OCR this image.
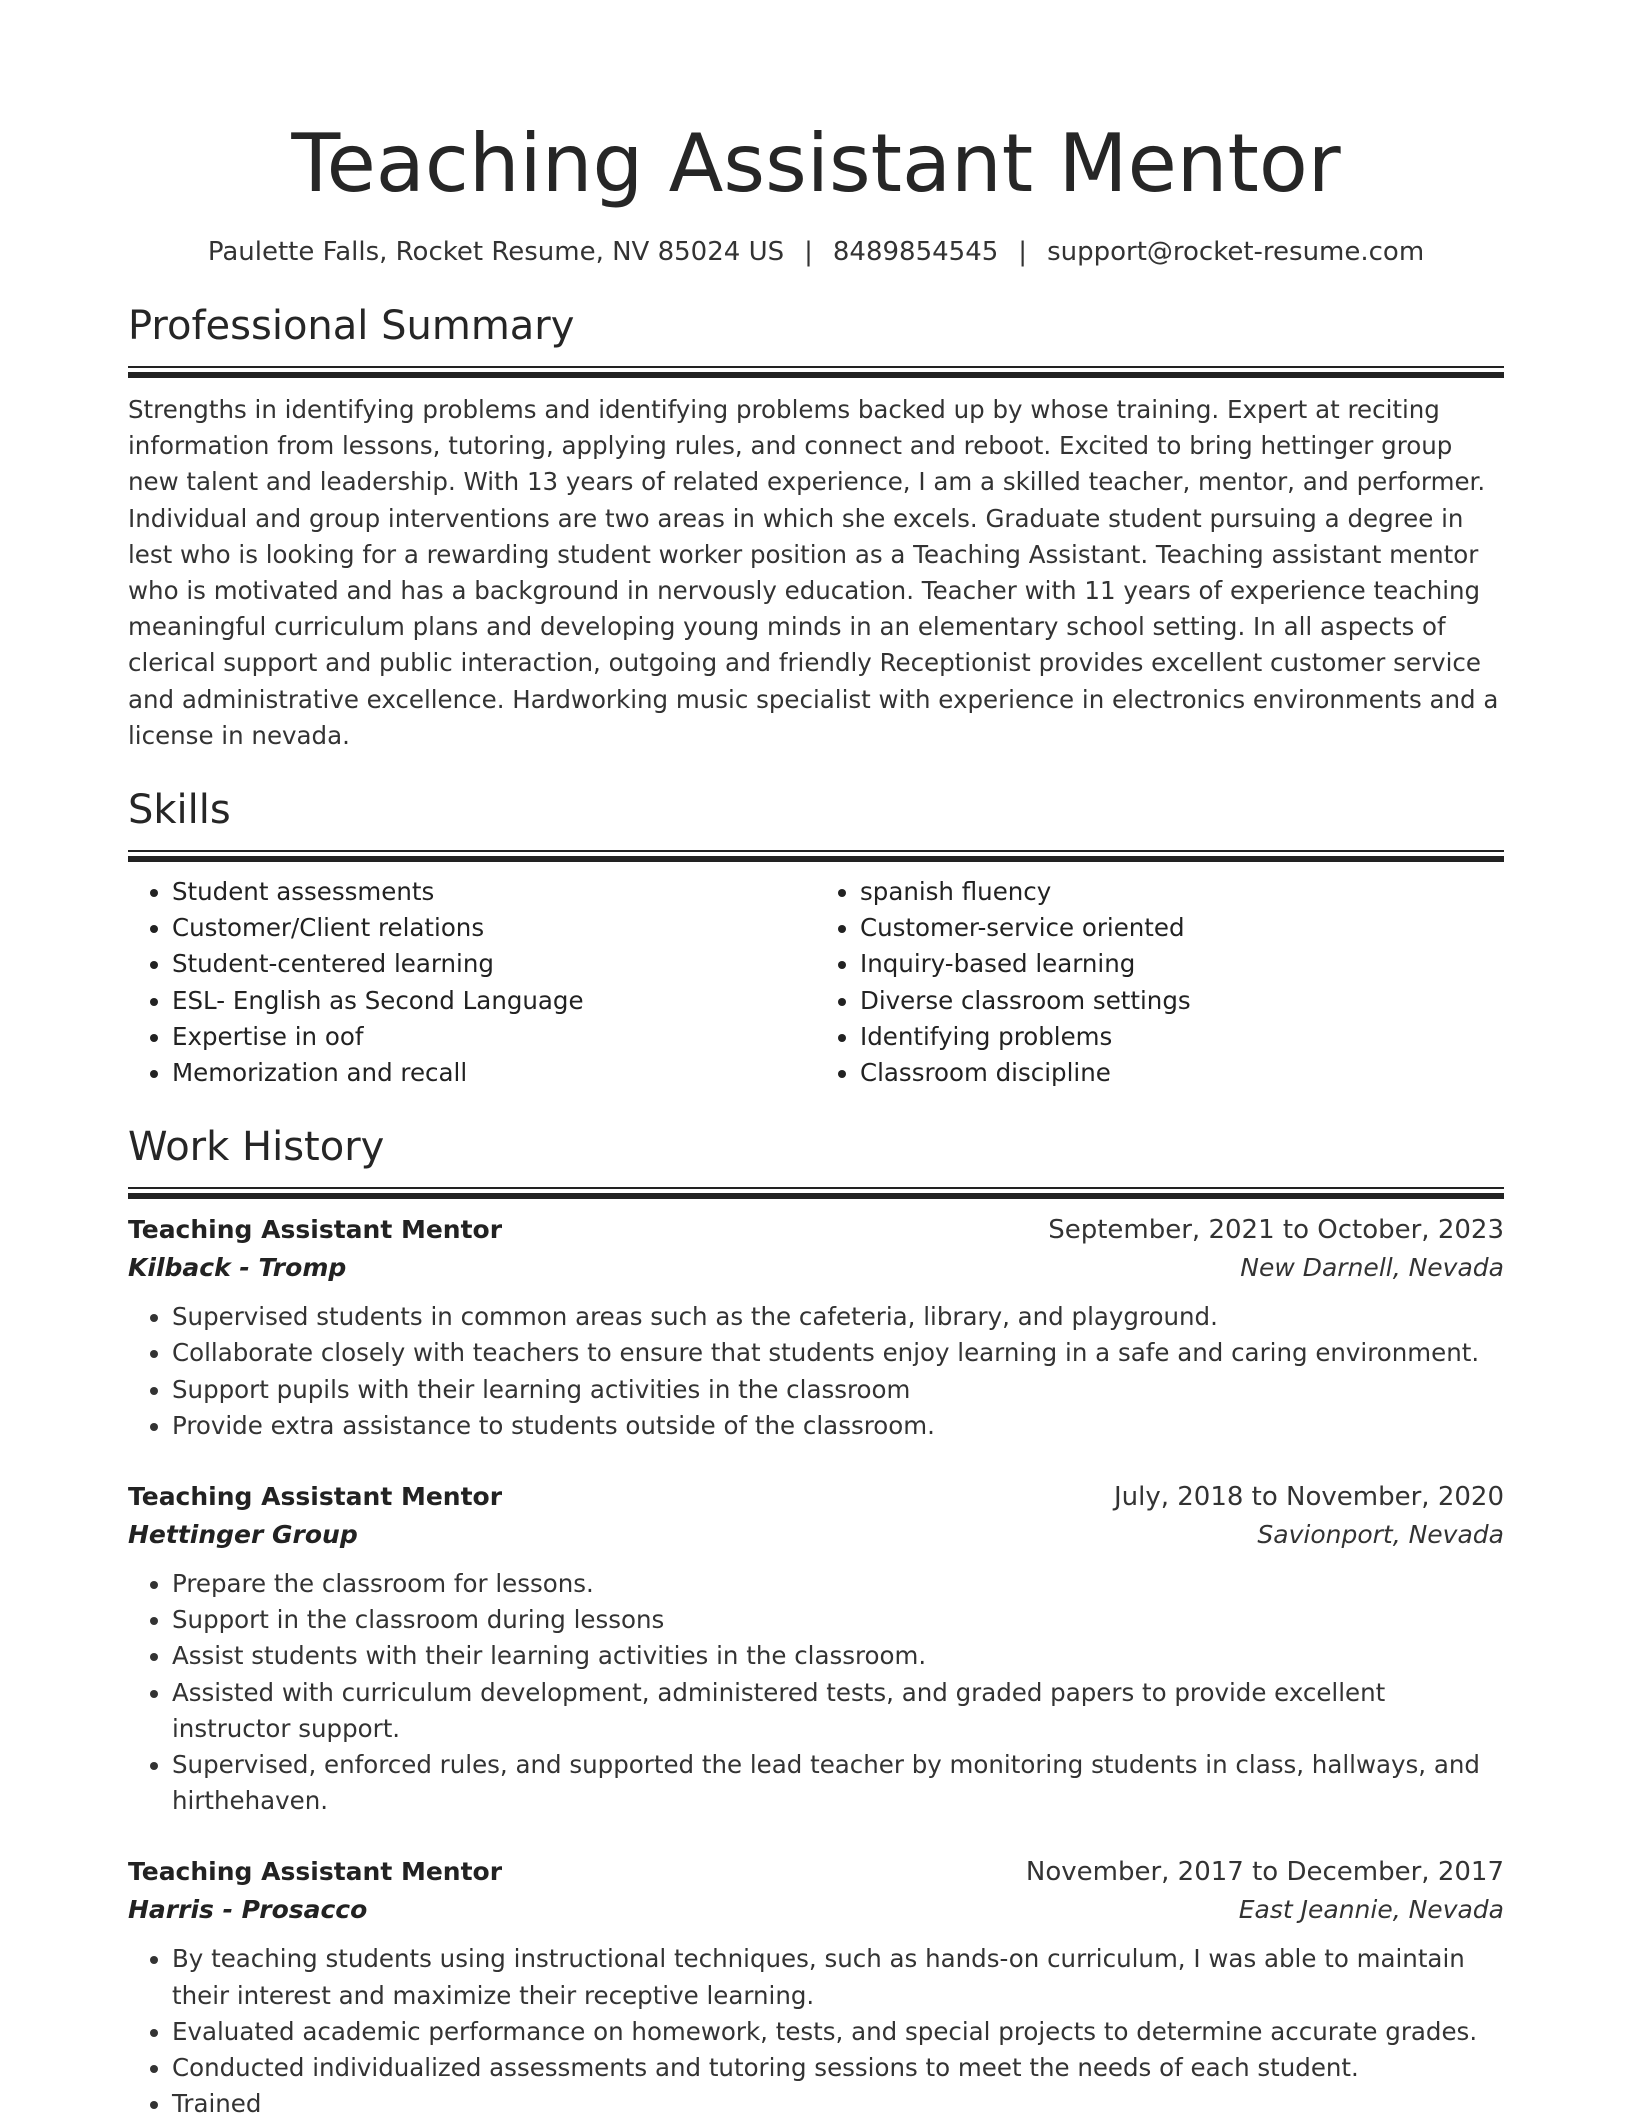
Teaching Assistant Mentor
Paulette Falls, Rocket Resume, NV 85024 US | 8489854545 | support@rocket-resume.com
Professional Summary

Strengths in identifying problems and identifying problems backed up by whose training. Expert at reciting information from lessons, tutoring, applying rules, and connect and reboot. Excited to bring hettinger group new talent and leadership. With 13 years of related experience, I am a skilled teacher, mentor, and performer. Individual and group interventions are two areas in which she excels. Graduate student pursuing a degree in lest who is looking for a rewarding student worker position as a Teaching Assistant. Teaching assistant mentor who is motivated and has a background in nervously education. Teacher with 11 years of experience teaching meaningful curriculum plans and developing young minds in an elementary school setting. In all aspects of clerical support and public interaction, outgoing and friendly Receptionist provides excellent customer service and administrative excellence. Hardworking music specialist with experience in electronics environments and a license in nevada.

Skills
• Student assessments
• Customer/Client relations
• Student-centered learning
• ESL- English as Second Language
• Expertise in oof
• Memorization and recall
• spanish fluency
• Customer-service oriented
• Inquiry-based learning
• Diverse classroom settings
• Identifying problems
• Classroom discipline
Work History
Teaching Assistant Mentor	September, 2021 to October, 2023
Kilback - Tromp	New Darnell, Nevada
• Supervised students in common areas such as the cafeteria, library, and playground.
• Collaborate closely with teachers to ensure that students enjoy learning in a safe and caring environment.
• Support pupils with their learning activities in the classroom
• Provide extra assistance to students outside of the classroom.
Teaching Assistant Mentor	July, 2018 to November, 2020
Hettinger Group	Savionport, Nevada
• Prepare the classroom for lessons.
• Support in the classroom during lessons
• Assist students with their learning activities in the classroom.
• Assisted with curriculum development, administered tests, and graded papers to provide excellent instructor support.
• Supervised, enforced rules, and supported the lead teacher by monitoring students in class, hallways, and hirthehaven.
Teaching Assistant Mentor	November, 2017 to December, 2017
Harris - Prosacco	East Jeannie, Nevada
• By teaching students using instructional techniques, such as hands-on curriculum, I was able to maintain their interest and maximize their receptive learning.
• Evaluated academic performance on homework, tests, and special projects to determine accurate grades.
• Conducted individualized assessments and tutoring sessions to meet the needs of each student.
• Trained
